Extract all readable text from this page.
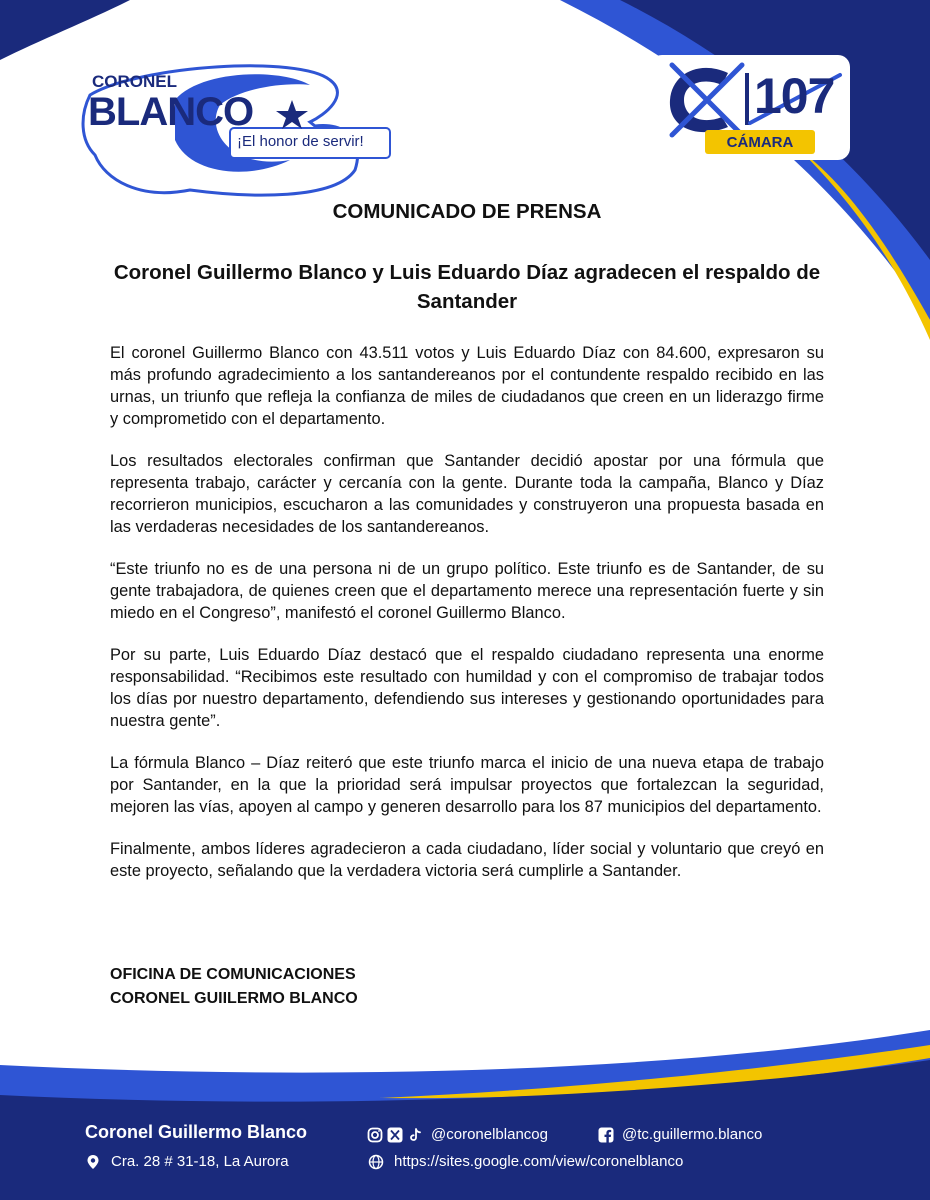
CORONEL
BLANCO
¡El honor de servir!
107
CÁMARA
COMUNICADO DE PRENSA
Coronel Guillermo Blanco y Luis Eduardo Díaz agradecen el respaldo de Santander

El coronel Guillermo Blanco con 43.511 votos y Luis Eduardo Díaz con 84.600, expresaron su más profundo agradecimiento a los santandereanos por el contundente respaldo recibido en las urnas, un triunfo que refleja la confianza de miles de ciudadanos que creen en un liderazgo firme y comprometido con el departamento.

Los resultados electorales confirman que Santander decidió apostar por una fórmula que representa trabajo, carácter y cercanía con la gente. Durante toda la campaña, Blanco y Díaz recorrieron municipios, escucharon a las comunidades y construyeron una propuesta basada en las verdaderas necesidades de los santandereanos.

“Este triunfo no es de una persona ni de un grupo político. Este triunfo es de Santander, de su gente trabajadora, de quienes creen que el departamento merece una representación fuerte y sin miedo en el Congreso”, manifestó el coronel Guillermo Blanco.

Por su parte, Luis Eduardo Díaz destacó que el respaldo ciudadano representa una enorme responsabilidad. “Recibimos este resultado con humildad y con el compromiso de trabajar todos los días por nuestro departamento, defendiendo sus intereses y gestionando oportunidades para nuestra gente”.

La fórmula Blanco – Díaz reiteró que este triunfo marca el inicio de una nueva etapa de trabajo por Santander, en la que la prioridad será impulsar proyectos que fortalezcan la seguridad, mejoren las vías, apoyen al campo y generen desarrollo para los 87 municipios del departamento.

Finalmente, ambos líderes agradecieron a cada ciudadano, líder social y voluntario que creyó en este proyecto, señalando que la verdadera victoria será cumplirle a Santander.

OFICINA DE COMUNICACIONES
CORONEL GUIILERMO BLANCO
Coronel Guillermo Blanco
Cra. 28 # 31-18, La Aurora
@coronelblancog	@tc.guillermo.blanco
https://sites.google.com/view/coronelblanco
